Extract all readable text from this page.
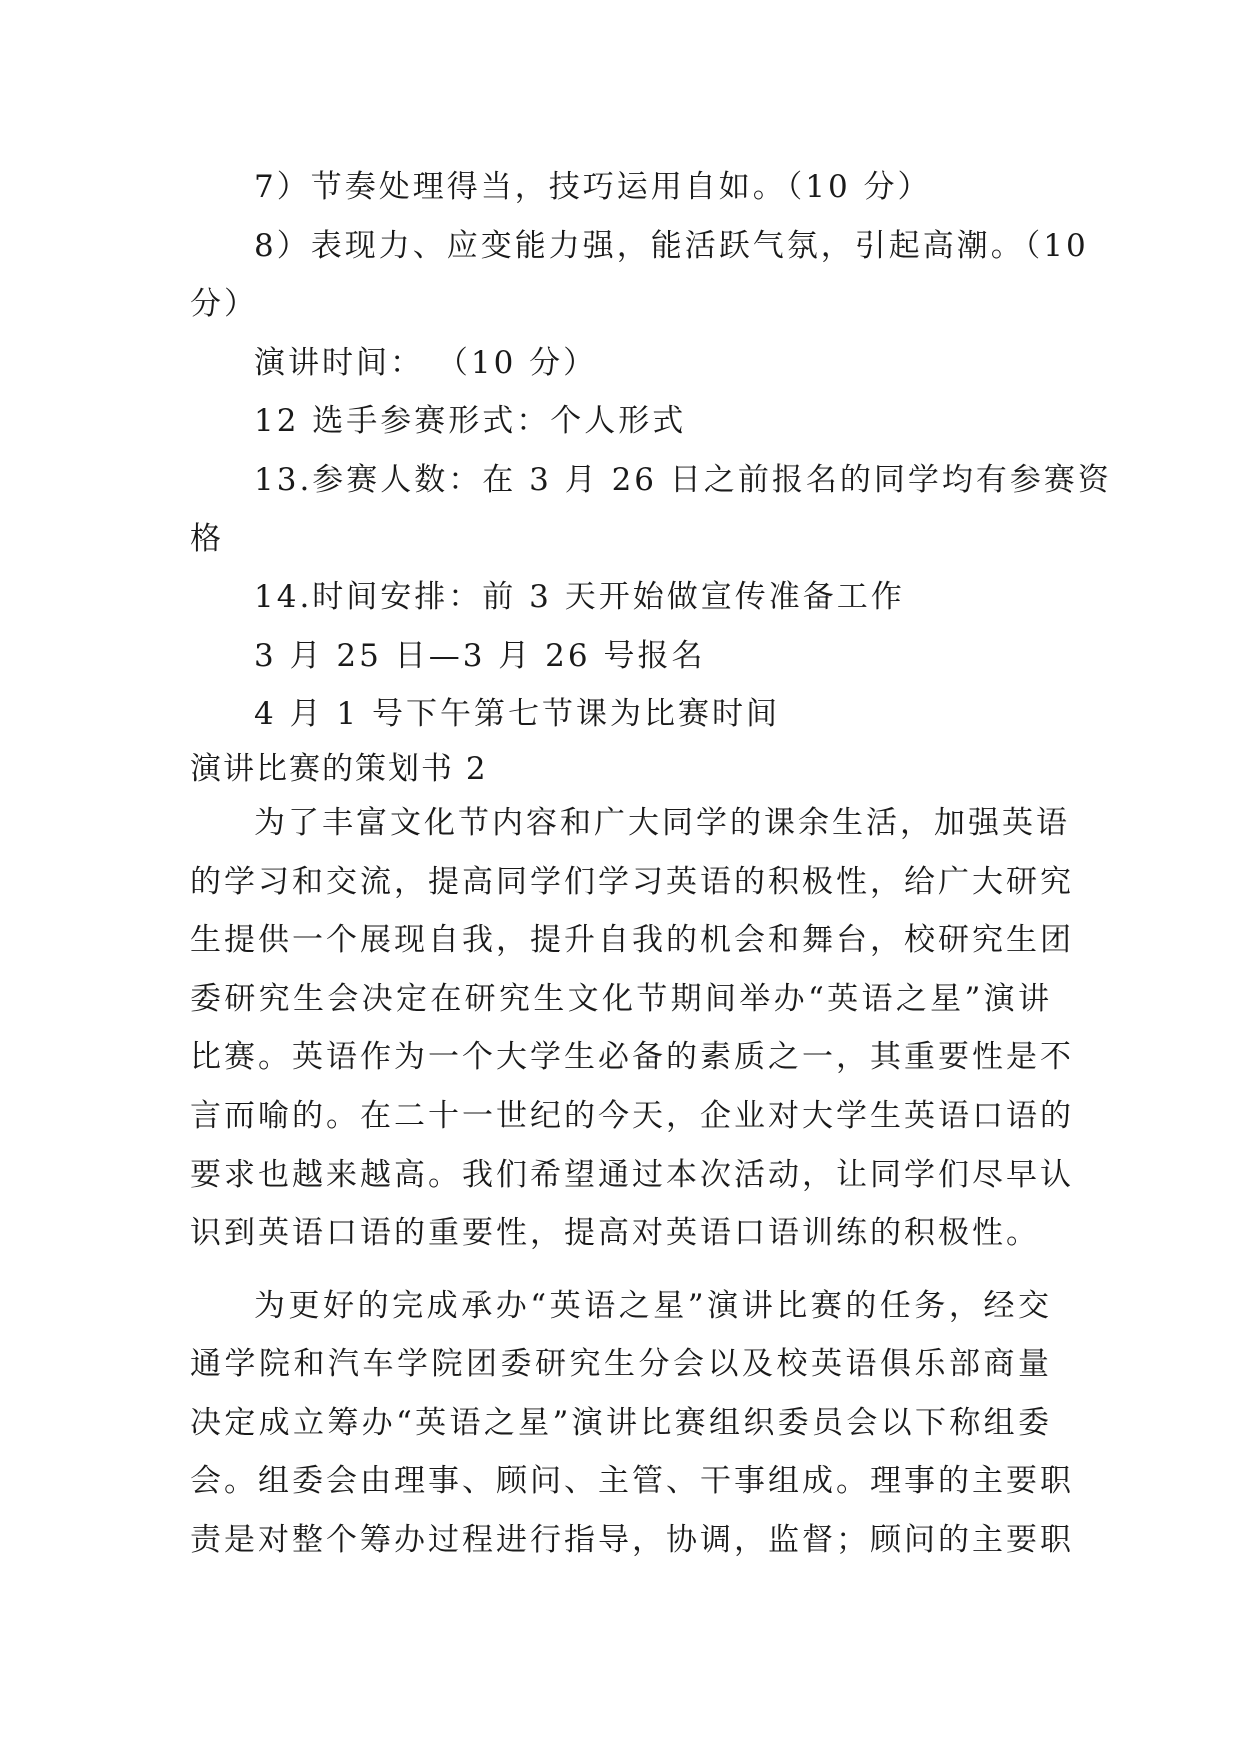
7）节奏处理得当，技巧运用自如。（10 分）
8）表现力、应变能力强，能活跃气氛，引起高潮。（10
分）
演讲时间： （10 分）
12 选手参赛形式：个人形式
13.参赛人数：在 3 月 26 日之前报名的同学均有参赛资
格
14.时间安排：前 3 天开始做宣传准备工作
3 月 25 日—3 月 26 号报名
4 月 1 号下午第七节课为比赛时间
演讲比赛的策划书 2
为了丰富文化节内容和广大同学的课余生活，加强英语
的学习和交流，提高同学们学习英语的积极性，给广大研究
生提供一个展现自我，提升自我的机会和舞台，校研究生团
委研究生会决定在研究生文化节期间举办“英语之星”演讲
比赛。英语作为一个大学生必备的素质之一，其重要性是不
言而喻的。在二十一世纪的今天，企业对大学生英语口语的
要求也越来越高。我们希望通过本次活动，让同学们尽早认
识到英语口语的重要性，提高对英语口语训练的积极性。
为更好的完成承办“英语之星”演讲比赛的任务，经交
通学院和汽车学院团委研究生分会以及校英语俱乐部商量
决定成立筹办“英语之星”演讲比赛组织委员会以下称组委
会。组委会由理事、顾问、主管、干事组成。理事的主要职
责是对整个筹办过程进行指导，协调，监督；顾问的主要职
